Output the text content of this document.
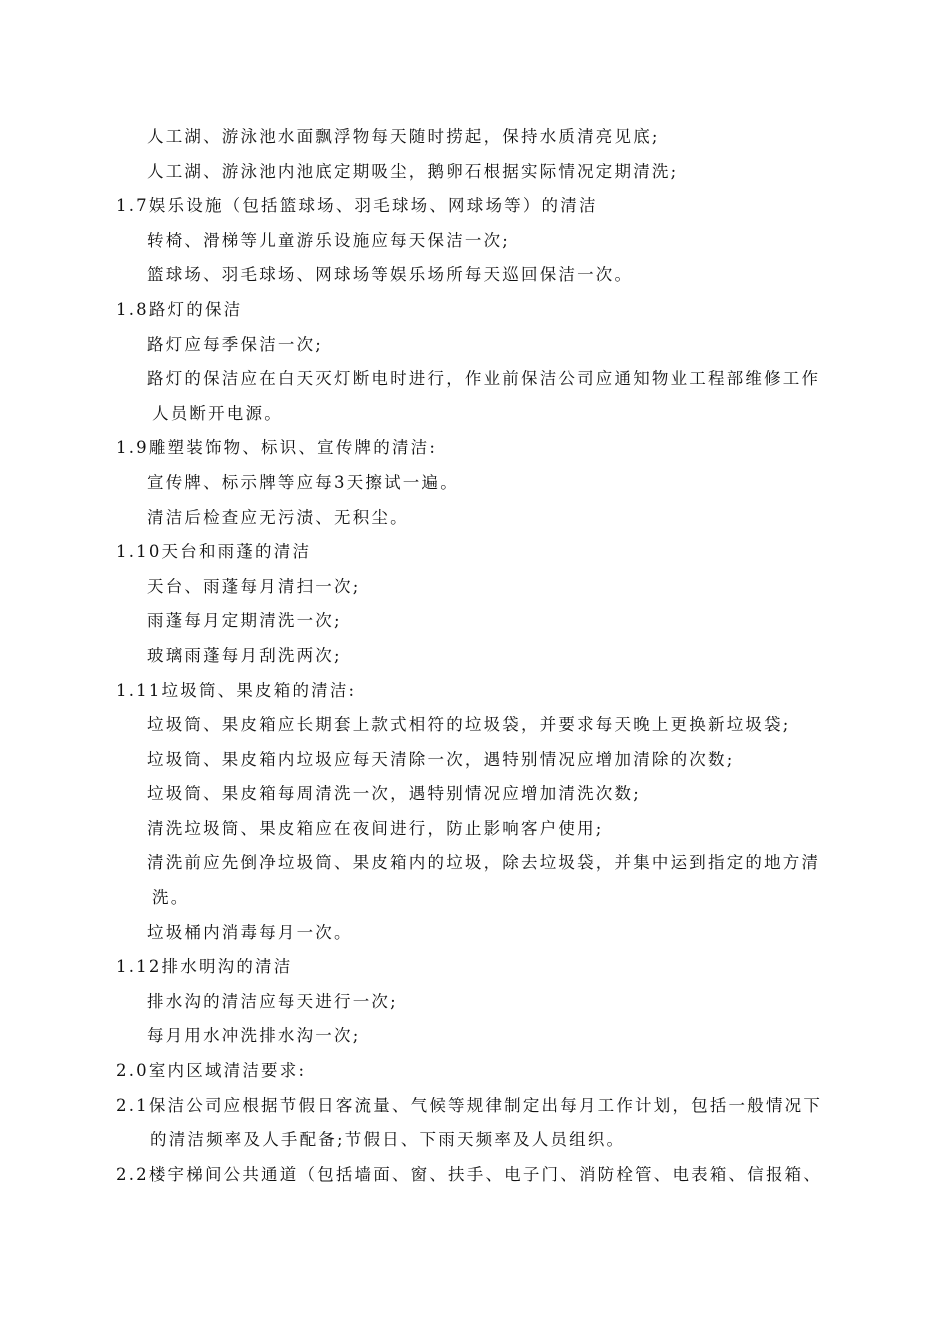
人工湖、游泳池水面飘浮物每天随时捞起，保持水质清亮见底;
人工湖、游泳池内池底定期吸尘，鹅卵石根据实际情况定期清洗;
1.7娱乐设施（包括篮球场、羽毛球场、网球场等）的清洁
转椅、滑梯等儿童游乐设施应每天保洁一次;
篮球场、羽毛球场、网球场等娱乐场所每天巡回保洁一次。
1.8路灯的保洁
路灯应每季保洁一次;
路灯的保洁应在白天灭灯断电时进行，作业前保洁公司应通知物业工程部维修工作
人员断开电源。
1.9雕塑装饰物、标识、宣传牌的清洁:
宣传牌、标示牌等应每3天擦试一遍。
清洁后检查应无污渍、无积尘。
1.10天台和雨蓬的清洁
天台、雨蓬每月清扫一次;
雨蓬每月定期清洗一次;
玻璃雨蓬每月刮洗两次;
1.11垃圾筒、果皮箱的清洁:
垃圾筒、果皮箱应长期套上款式相符的垃圾袋，并要求每天晚上更换新垃圾袋;
垃圾筒、果皮箱内垃圾应每天清除一次，遇特别情况应增加清除的次数;
垃圾筒、果皮箱每周清洗一次，遇特别情况应增加清洗次数;
清洗垃圾筒、果皮箱应在夜间进行，防止影响客户使用;
清洗前应先倒净垃圾筒、果皮箱内的垃圾，除去垃圾袋，并集中运到指定的地方清
洗。
垃圾桶内消毒每月一次。
1.12排水明沟的清洁
排水沟的清洁应每天进行一次;
每月用水冲洗排水沟一次;
2.0室内区域清洁要求:
2.1保洁公司应根据节假日客流量、气候等规律制定出每月工作计划，包括一般情况下
的清洁频率及人手配备;节假日、下雨天频率及人员组织。
2.2楼宇梯间公共通道（包括墙面、窗、扶手、电子门、消防栓管、电表箱、信报箱、
